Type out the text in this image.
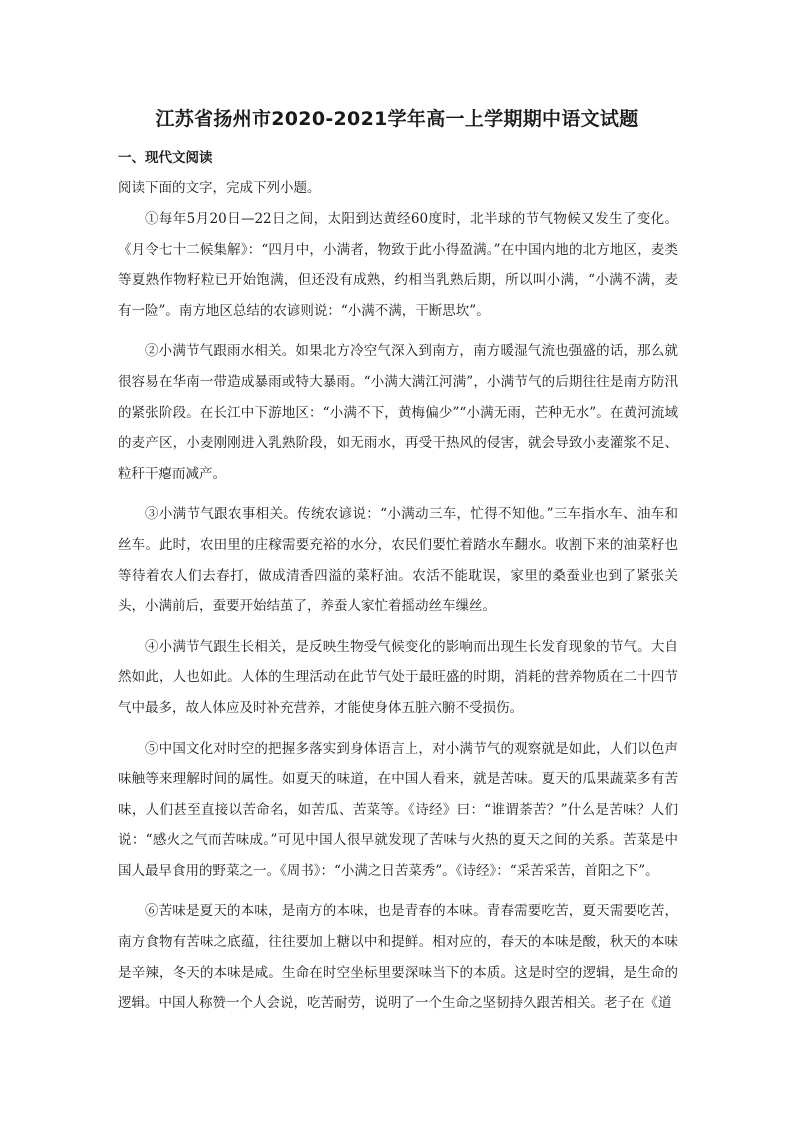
江苏省扬州市2020-2021学年高一上学期期中语文试题
一、现代文阅读

阅读下面的文字，完成下列小题。

①每年5月20日—22日之间，太阳到达黄经60度时，北半球的节气物候又发生了变化。《月令七十二候集解》：“四月中，小满者，物致于此小得盈满。”在中国内地的北方地区，麦类等夏熟作物籽粒已开始饱满，但还没有成熟，约相当乳熟后期，所以叫小满，“小满不满，麦有一险”。南方地区总结的农谚则说：“小满不满，干断思坎”。

②小满节气跟雨水相关。如果北方冷空气深入到南方，南方暖湿气流也强盛的话，那么就很容易在华南一带造成暴雨或特大暴雨。“小满大满江河满”，小满节气的后期往往是南方防汛的紧张阶段。在长江中下游地区：“小满不下，黄梅偏少”“小满无雨，芒种无水”。在黄河流域的麦产区，小麦刚刚进入乳熟阶段，如无雨水，再受干热风的侵害，就会导致小麦灌浆不足、粒秆干瘪而减产。

③小满节气跟农事相关。传统农谚说：“小满动三车，忙得不知他。”三车指水车、油车和丝车。此时，农田里的庄稼需要充裕的水分，农民们要忙着踏水车翻水。收割下来的油菜籽也等待着农人们去春打，做成清香四溢的菜籽油。农活不能耽误，家里的桑蚕业也到了紧张关头，小满前后，蚕要开始结茧了，养蚕人家忙着摇动丝车缫丝。

④小满节气跟生长相关，是反映生物受气候变化的影响而出现生长发育现象的节气。大自然如此，人也如此。人体的生理活动在此节气处于最旺盛的时期，消耗的营养物质在二十四节气中最多，故人体应及时补充营养，才能使身体五脏六腑不受损伤。

⑤中国文化对时空的把握多落实到身体语言上，对小满节气的观察就是如此，人们以色声味触等来理解时间的属性。如夏天的味道，在中国人看来，就是苦味。夏天的瓜果蔬菜多有苦味，人们甚至直接以苦命名，如苦瓜、苦菜等。《诗经》曰：“谁谓荼苦？”什么是苦味？人们说：“感火之气而苦味成。”可见中国人很早就发现了苦味与火热的夏天之间的关系。苦菜是中国人最早食用的野菜之一。《周书》：“小满之日苦菜秀”。《诗经》：“采苦采苦，首阳之下”。

⑥苦味是夏天的本味，是南方的本味，也是青春的本味。青春需要吃苦，夏天需要吃苦，南方食物有苦味之底蕴，往往要加上糖以中和提鲜。相对应的，春天的本味是酸，秋天的本味是辛辣，冬天的本味是咸。生命在时空坐标里要深味当下的本质。这是时空的逻辑，是生命的逻辑。中国人称赞一个人会说，吃苦耐劳，说明了一个生命之坚韧持久跟苦相关。老子在《道
